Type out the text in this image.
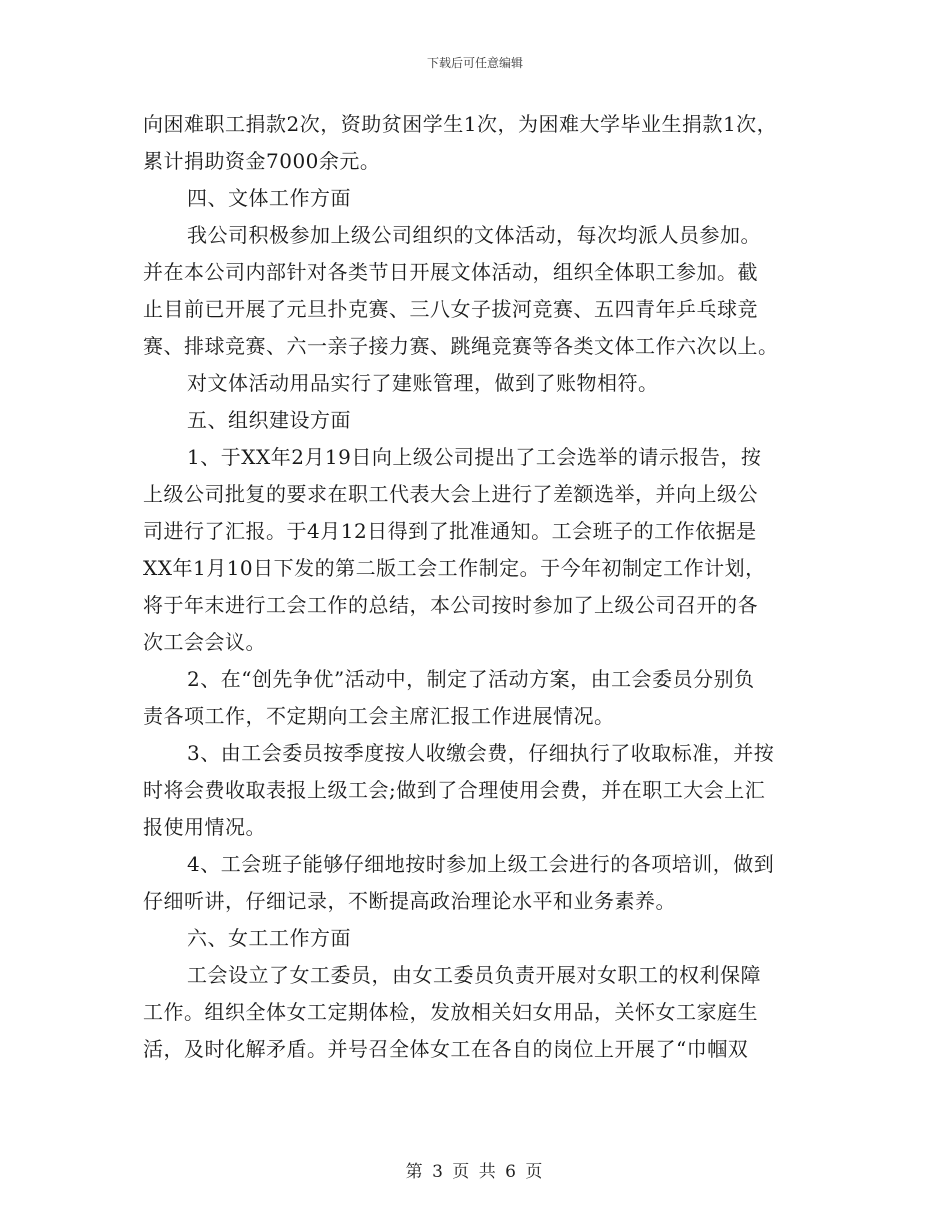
下载后可任意编辑
向困难职工捐款2次，资助贫困学生1次，为困难大学毕业生捐款1次，
累计捐助资金7000余元。
四、文体工作方面
我公司积极参加上级公司组织的文体活动，每次均派人员参加。
并在本公司内部针对各类节日开展文体活动，组织全体职工参加。截
止目前已开展了元旦扑克赛、三八女子拔河竞赛、五四青年乒乓球竞
赛、排球竞赛、六一亲子接力赛、跳绳竞赛等各类文体工作六次以上。
对文体活动用品实行了建账管理，做到了账物相符。
五、组织建设方面
1、于XX年2月19日向上级公司提出了工会选举的请示报告，按
上级公司批复的要求在职工代表大会上进行了差额选举，并向上级公
司进行了汇报。于4月12日得到了批准通知。工会班子的工作依据是
XX年1月10日下发的第二版工会工作制定。于今年初制定工作计划，
将于年末进行工会工作的总结，本公司按时参加了上级公司召开的各
次工会会议。
2、在“创先争优”活动中，制定了活动方案，由工会委员分别负
责各项工作，不定期向工会主席汇报工作进展情况。
3、由工会委员按季度按人收缴会费，仔细执行了收取标准，并按
时将会费收取表报上级工会;做到了合理使用会费，并在职工大会上汇
报使用情况。
4、工会班子能够仔细地按时参加上级工会进行的各项培训，做到
仔细听讲，仔细记录，不断提高政治理论水平和业务素养。
六、女工工作方面
工会设立了女工委员，由女工委员负责开展对女职工的权利保障
工作。组织全体女工定期体检，发放相关妇女用品，关怀女工家庭生
活，及时化解矛盾。并号召全体女工在各自的岗位上开展了“巾帼双
第 3 页 共 6 页
